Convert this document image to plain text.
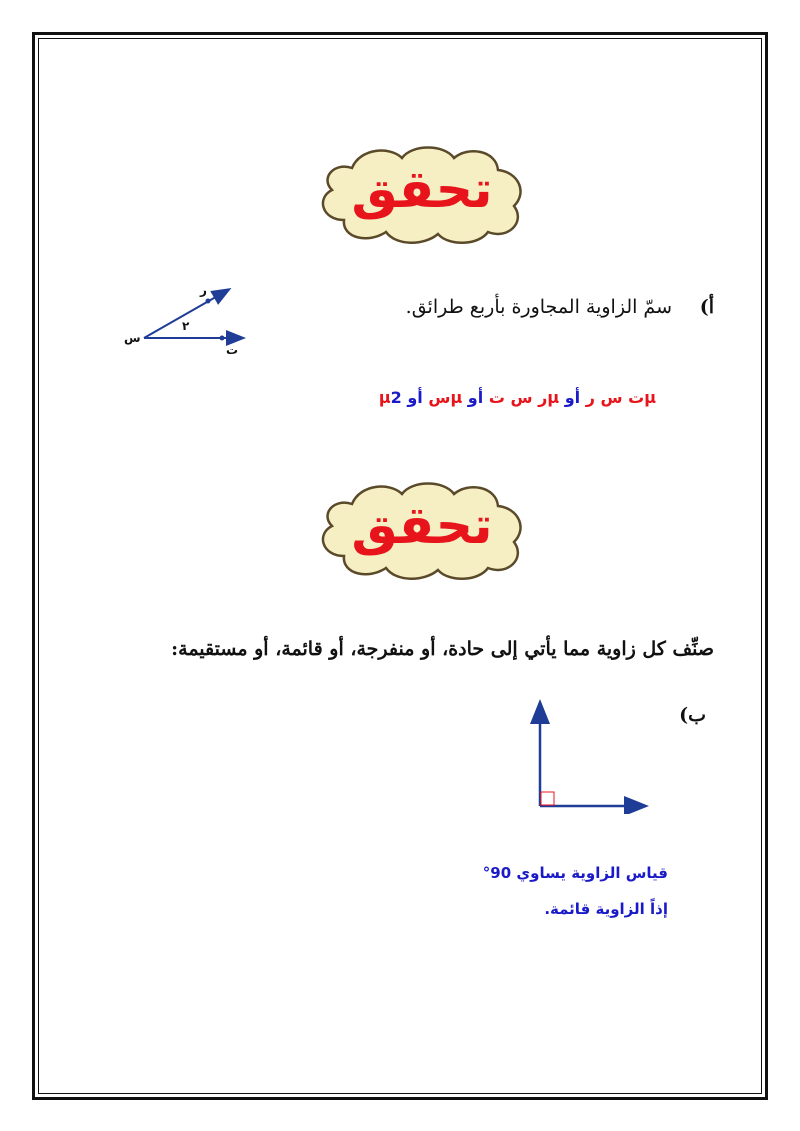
تحقق
أ)
سمّ الزاوية المجاورة بأربع طرائق.
س
ر
ت
٢
µت س ر أو µر س ت أو µس أو µ2
تحقق
صنِّف كل زاوية مما يأتي إلى حادة، أو منفرجة، أو قائمة، أو مستقيمة:
ب)
قياس الزاوية يساوي 90°
إذاً الزاوية قائمة.
